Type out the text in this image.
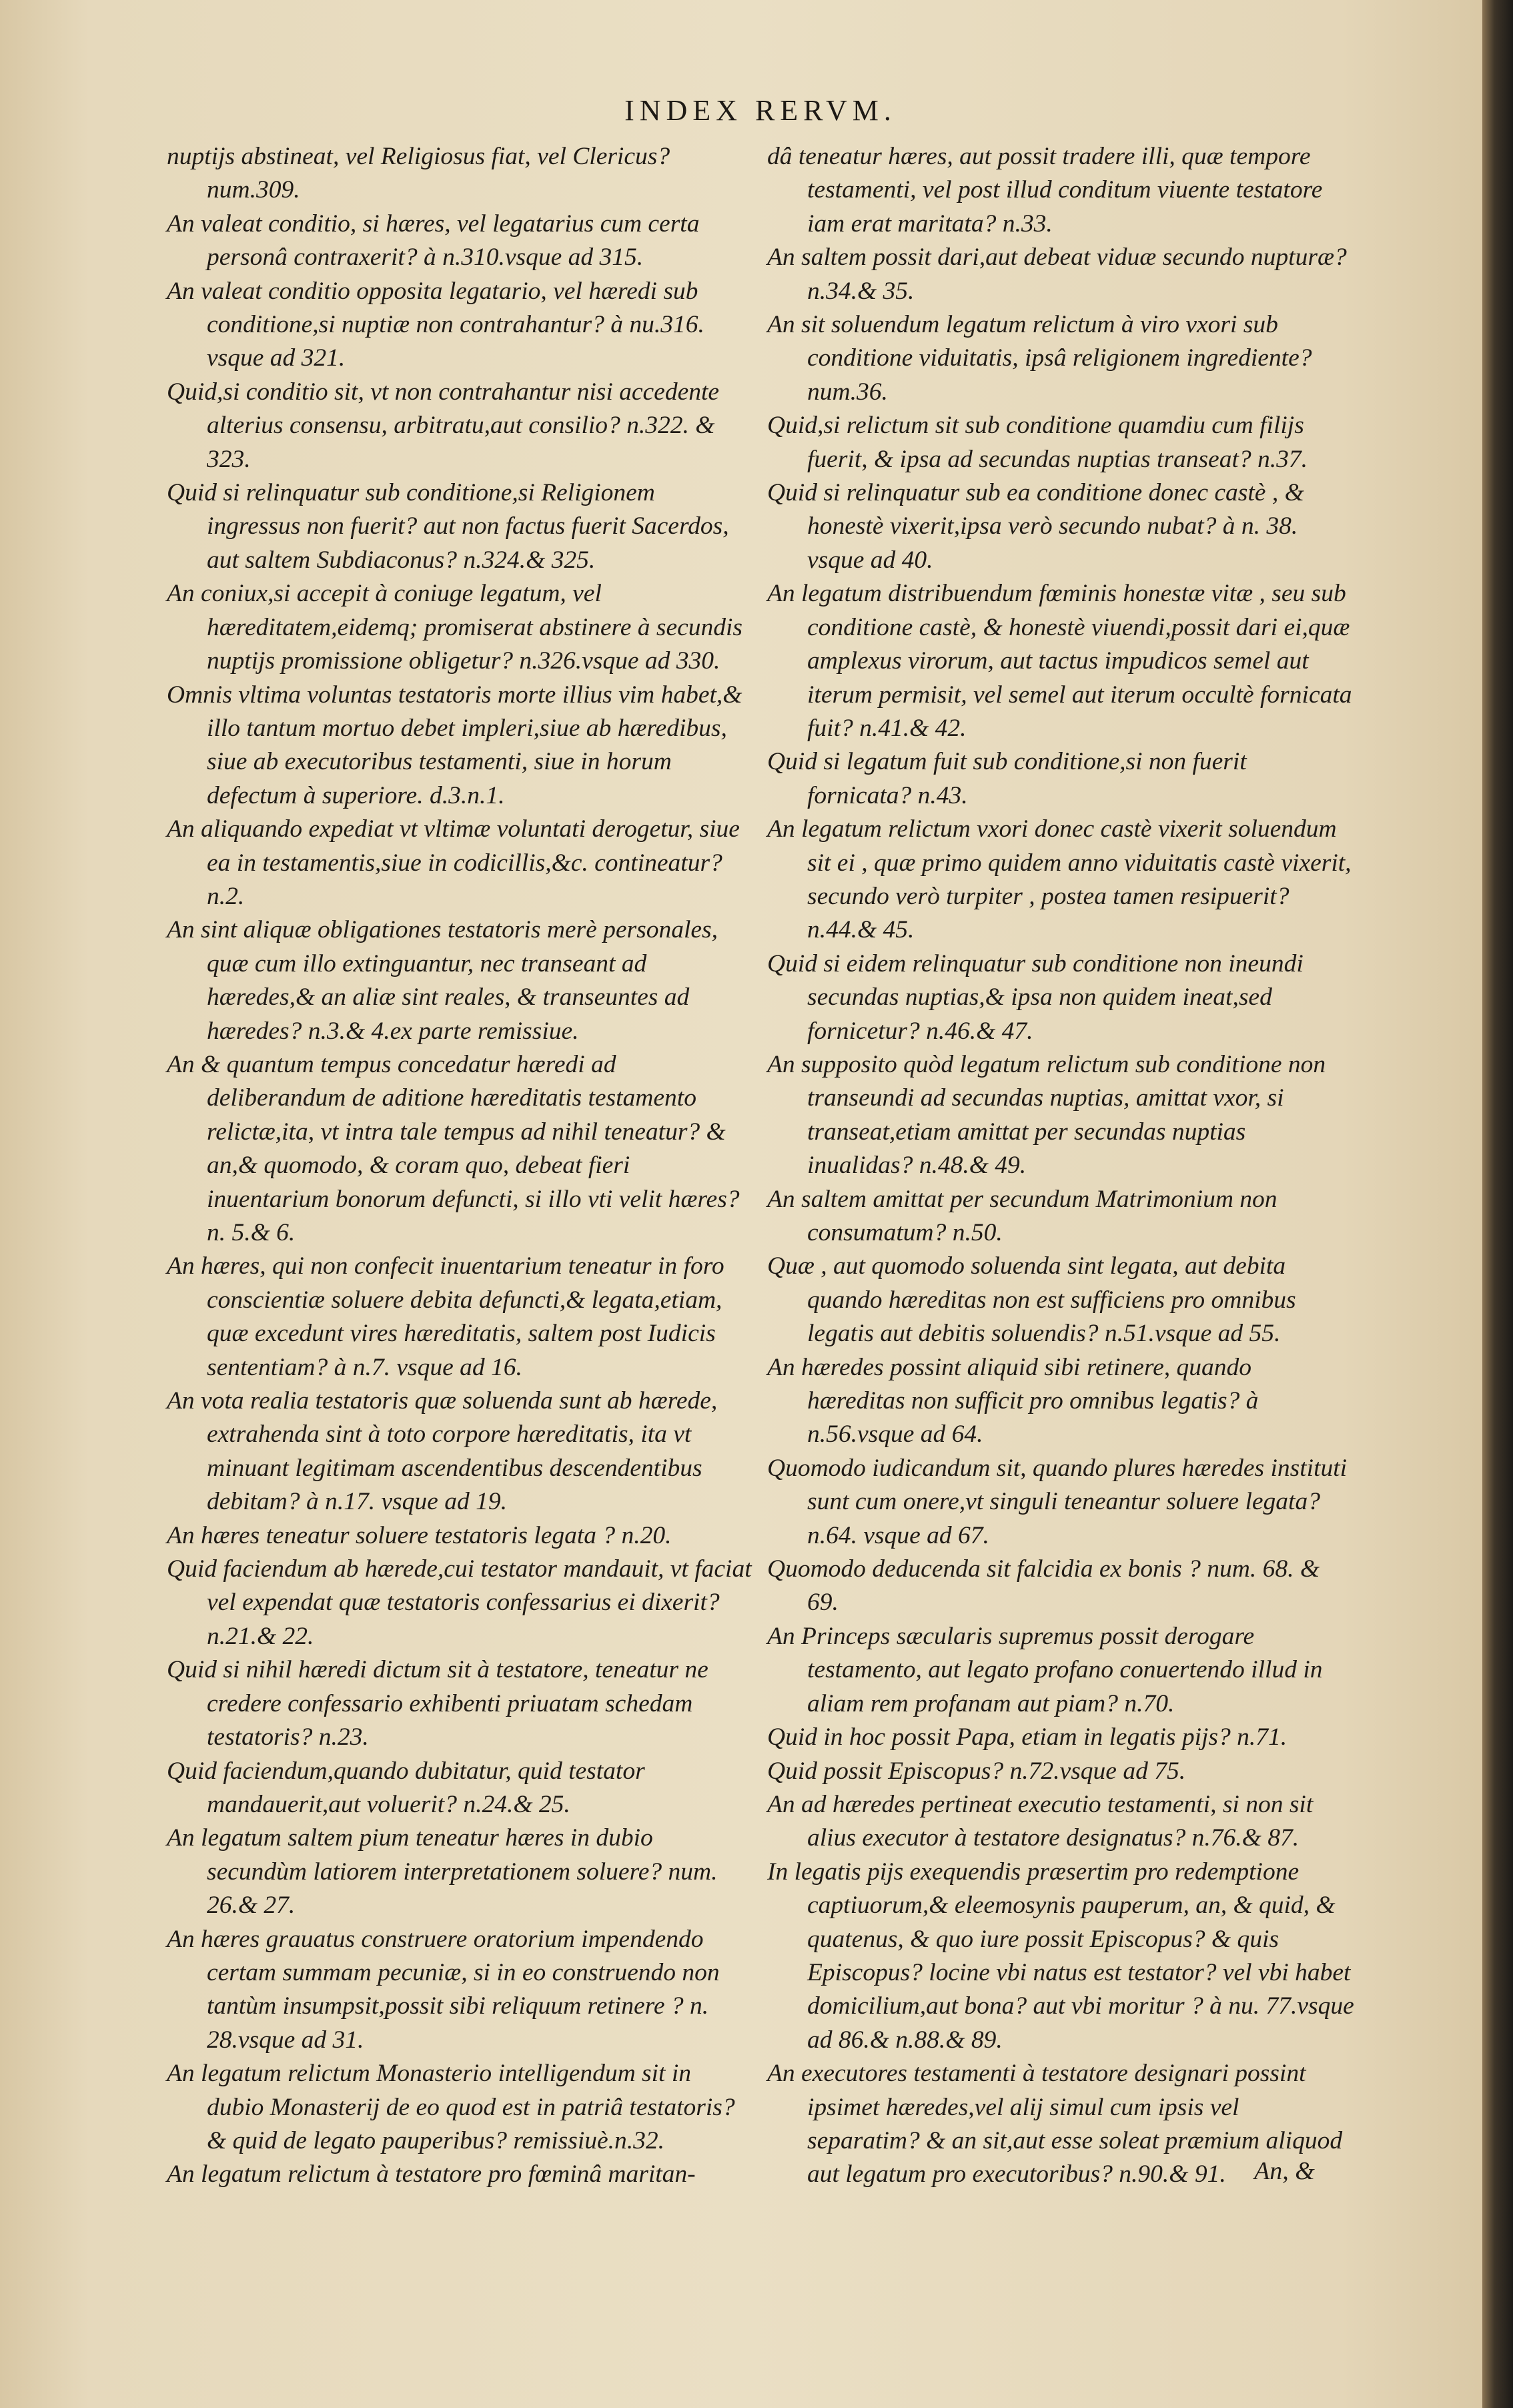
INDEX RERVM.

nuptijs abstineat, vel Religiosus fiat, vel Clericus? num.309.

An valeat conditio, si hæres, vel legatarius cum certa personâ contraxerit? à n.310.vsque ad 315.

An valeat conditio opposita legatario, vel hæredi sub conditione,si nuptiæ non contrahantur? à nu.316. vsque ad 321.

Quid,si conditio sit, vt non contrahantur nisi accedente alterius consensu, arbitratu,aut consilio? n.322. & 323.

Quid si relinquatur sub conditione,si Religionem ingressus non fuerit? aut non factus fuerit Sacerdos, aut saltem Subdiaconus? n.324.& 325.

An coniux,si accepit à coniuge legatum, vel hæreditatem,eidemq; promiserat abstinere à secundis nuptijs promissione obligetur? n.326.vsque ad 330.

Omnis vltima voluntas testatoris morte illius vim habet,& illo tantum mortuo debet impleri,siue ab hæredibus, siue ab executoribus testamenti, siue in horum defectum à superiore. d.3.n.1.

An aliquando expediat vt vltimæ voluntati derogetur, siue ea in testamentis,siue in codicillis,&c. contineatur? n.2.

An sint aliquæ obligationes testatoris merè personales, quæ cum illo extinguantur, nec transeant ad hæredes,& an aliæ sint reales, & transeuntes ad hæredes? n.3.& 4.ex parte remissiue.

An & quantum tempus concedatur hæredi ad deliberandum de aditione hæreditatis testamento relictæ,ita, vt intra tale tempus ad nihil teneatur? & an,& quomodo, & coram quo, debeat fieri inuentarium bonorum defuncti, si illo vti velit hæres? n. 5.& 6.

An hæres, qui non confecit inuentarium teneatur in foro conscientiæ soluere debita defuncti,& legata,etiam, quæ excedunt vires hæreditatis, saltem post Iudicis sententiam? à n.7. vsque ad 16.

An vota realia testatoris quæ soluenda sunt ab hærede, extrahenda sint à toto corpore hæreditatis, ita vt minuant legitimam ascendentibus descendentibus debitam? à n.17. vsque ad 19.

An hæres teneatur soluere testatoris legata ? n.20.

Quid faciendum ab hærede,cui testator mandauit, vt faciat vel expendat quæ testatoris confessarius ei dixerit? n.21.& 22.

Quid si nihil hæredi dictum sit à testatore, teneatur ne credere confessario exhibenti priuatam schedam testatoris? n.23.

Quid faciendum,quando dubitatur, quid testator mandauerit,aut voluerit? n.24.& 25.

An legatum saltem pium teneatur hæres in dubio secundùm latiorem interpretationem soluere? num. 26.& 27.

An hæres grauatus construere oratorium impendendo certam summam pecuniæ, si in eo construendo non tantùm insumpsit,possit sibi reliquum retinere ? n. 28.vsque ad 31.

An legatum relictum Monasterio intelligendum sit in dubio Monasterij de eo quod est in patriâ testatoris? & quid de legato pauperibus? remissiuè.n.32.

An legatum relictum à testatore pro fœminâ maritan-

dâ teneatur hæres, aut possit tradere illi, quæ tempore testamenti, vel post illud conditum viuente testatore iam erat maritata? n.33.

An saltem possit dari,aut debeat viduæ secundo nupturæ? n.34.& 35.

An sit soluendum legatum relictum à viro vxori sub conditione viduitatis, ipsâ religionem ingrediente? num.36.

Quid,si relictum sit sub conditione quamdiu cum filijs fuerit, & ipsa ad secundas nuptias transeat? n.37.

Quid si relinquatur sub ea conditione donec castè , & honestè vixerit,ipsa verò secundo nubat? à n. 38. vsque ad 40.

An legatum distribuendum fœminis honestæ vitæ , seu sub conditione castè, & honestè viuendi,possit dari ei,quæ amplexus virorum, aut tactus impudicos semel aut iterum permisit, vel semel aut iterum occultè fornicata fuit? n.41.& 42.

Quid si legatum fuit sub conditione,si non fuerit fornicata? n.43.

An legatum relictum vxori donec castè vixerit soluendum sit ei , quæ primo quidem anno viduitatis castè vixerit, secundo verò turpiter , postea tamen resipuerit? n.44.& 45.

Quid si eidem relinquatur sub conditione non ineundi secundas nuptias,& ipsa non quidem ineat,sed fornicetur? n.46.& 47.

An supposito quòd legatum relictum sub conditione non transeundi ad secundas nuptias, amittat vxor, si transeat,etiam amittat per secundas nuptias inualidas? n.48.& 49.

An saltem amittat per secundum Matrimonium non consumatum? n.50.

Quæ , aut quomodo soluenda sint legata, aut debita quando hæreditas non est sufficiens pro omnibus legatis aut debitis soluendis? n.51.vsque ad 55.

An hæredes possint aliquid sibi retinere, quando hæreditas non sufficit pro omnibus legatis? à n.56.vsque ad 64.

Quomodo iudicandum sit, quando plures hæredes instituti sunt cum onere,vt singuli teneantur soluere legata? n.64. vsque ad 67.

Quomodo deducenda sit falcidia ex bonis ? num. 68. & 69.

An Princeps sæcularis supremus possit derogare testamento, aut legato profano conuertendo illud in aliam rem profanam aut piam? n.70.

Quid in hoc possit Papa, etiam in legatis pijs? n.71.

Quid possit Episcopus? n.72.vsque ad 75.

An ad hæredes pertineat executio testamenti, si non sit alius executor à testatore designatus? n.76.& 87.

In legatis pijs exequendis præsertim pro redemptione captiuorum,& eleemosynis pauperum, an, & quid, & quatenus, & quo iure possit Episcopus? & quis Episcopus? locine vbi natus est testator? vel vbi habet domicilium,aut bona? aut vbi moritur ? à nu. 77.vsque ad 86.& n.88.& 89.

An executores testamenti à testatore designari possint ipsimet hæredes,vel alij simul cum ipsis vel separatim? & an sit,aut esse soleat præmium aliquod aut legatum pro executoribus? n.90.& 91.	An, &
